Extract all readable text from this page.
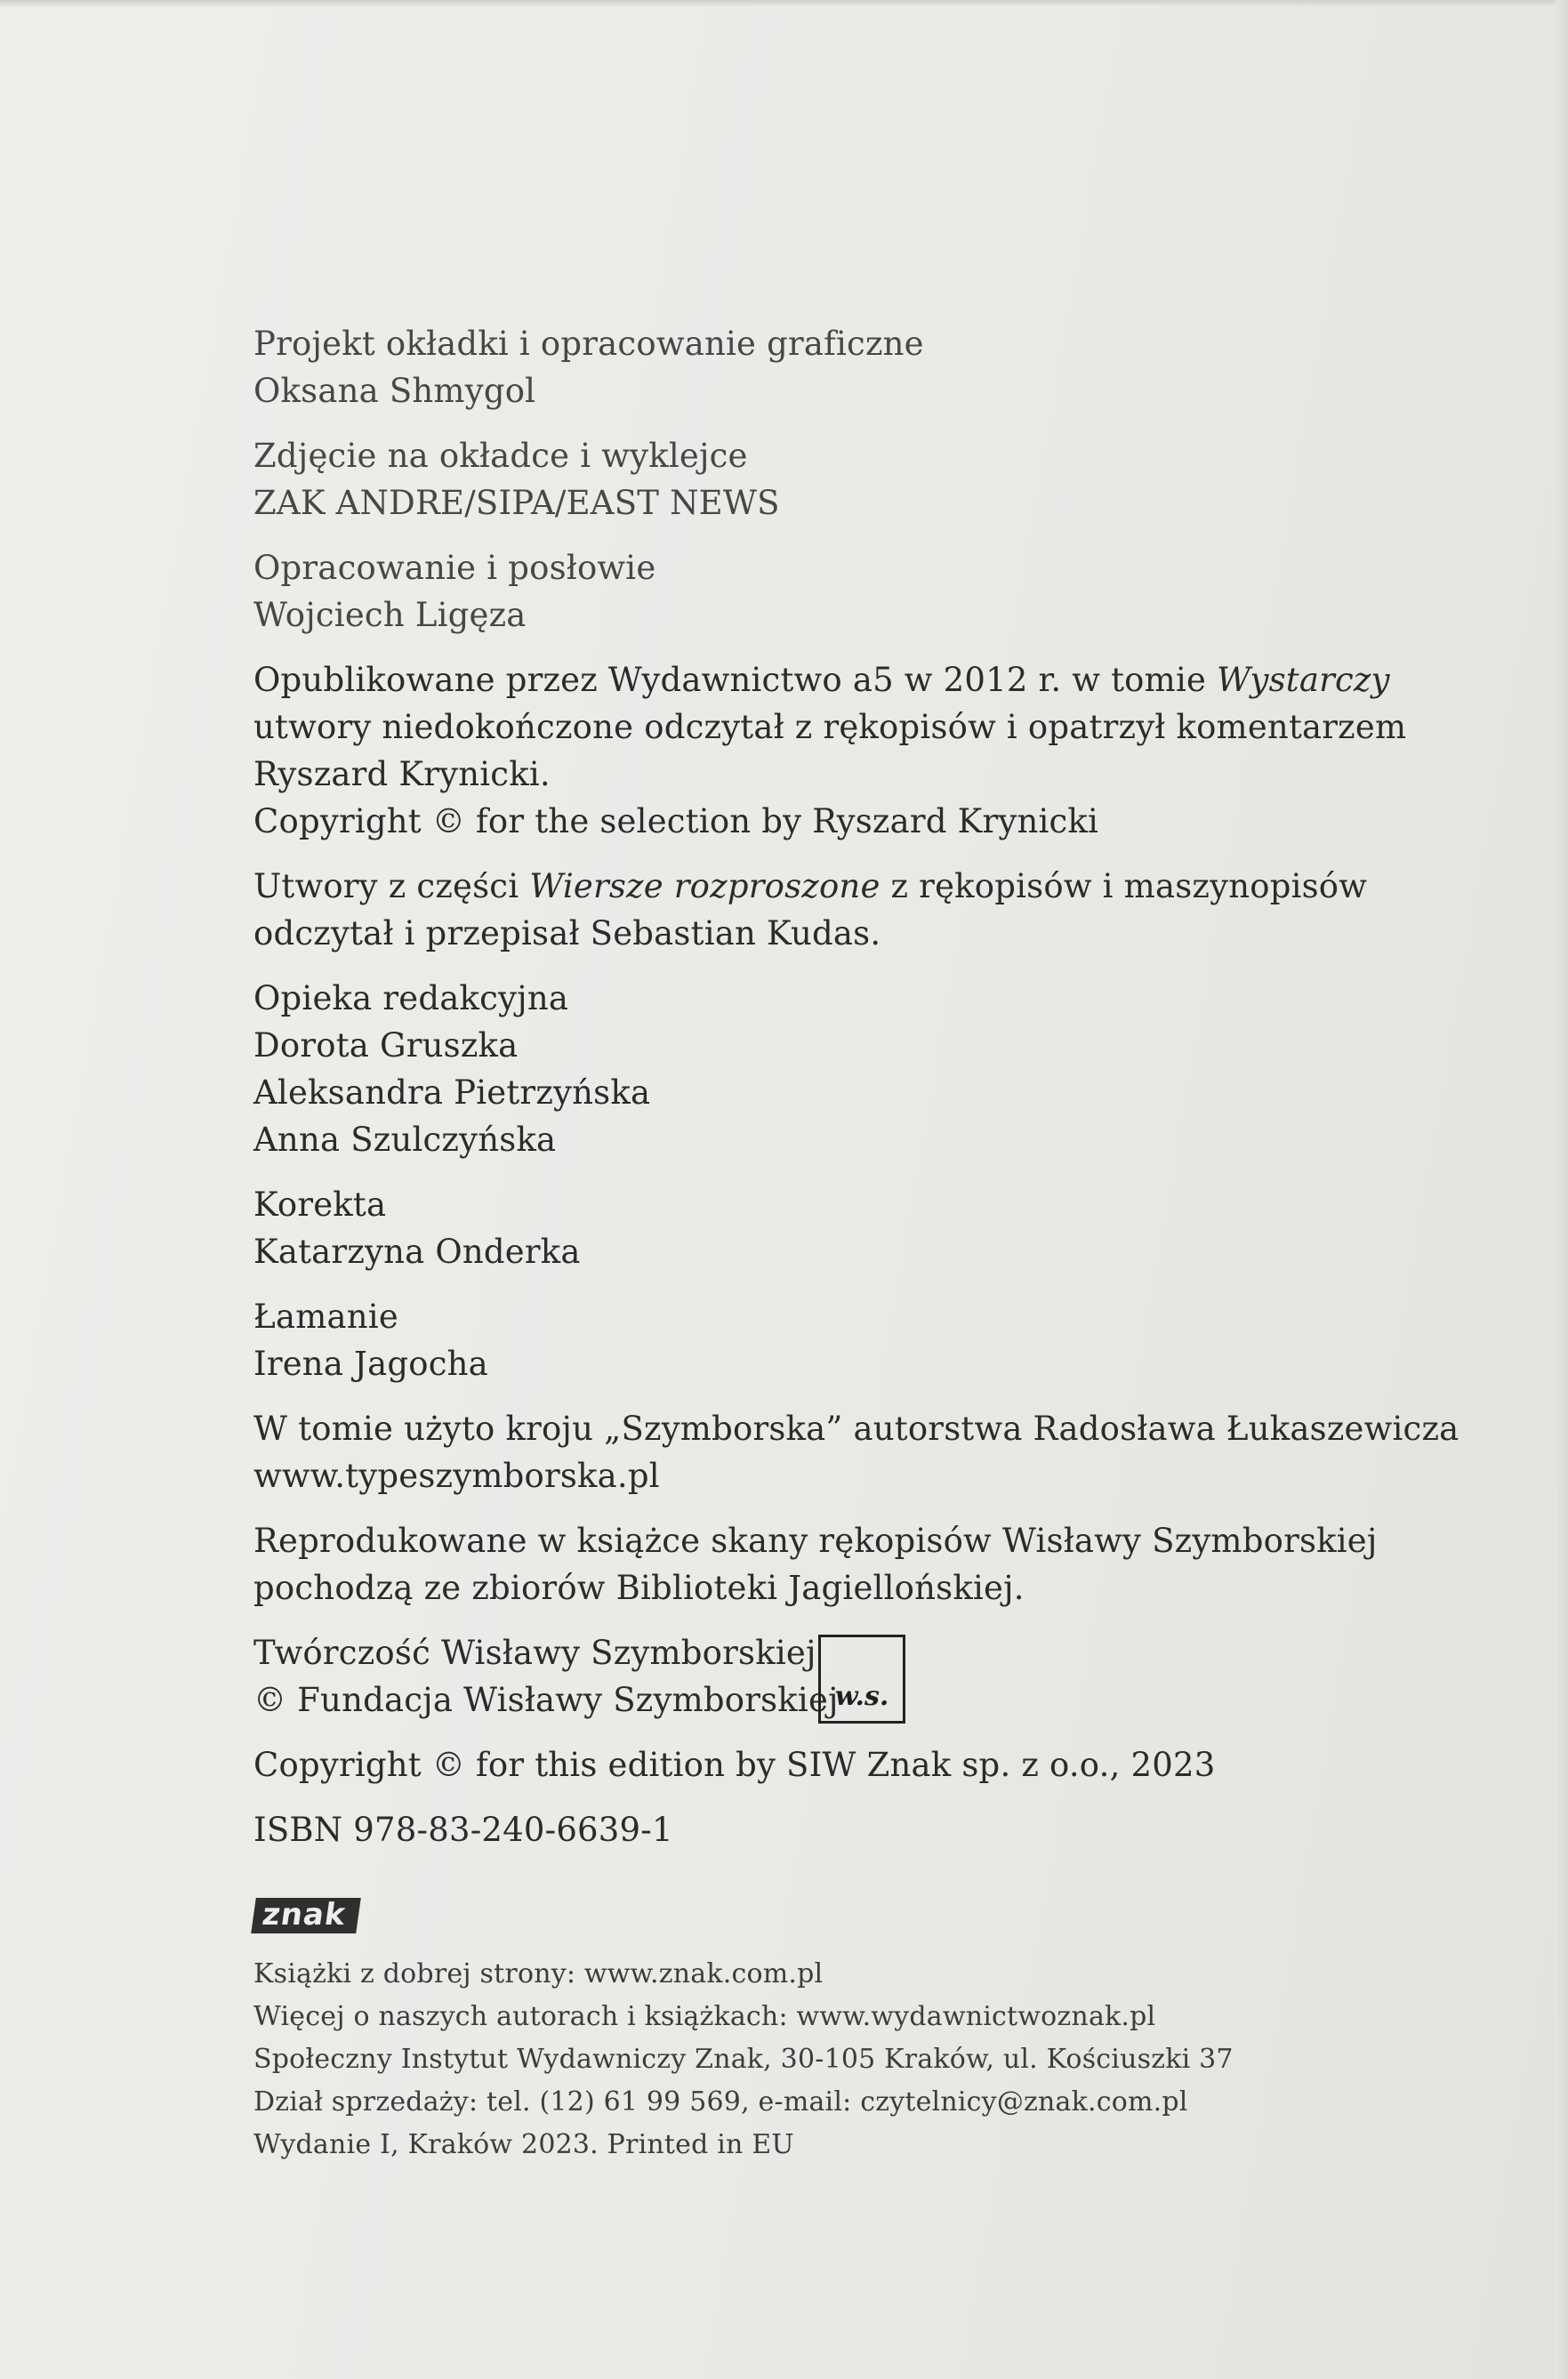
Projekt okładki i opracowanie graficzne
Oksana Shmygol
Zdjęcie na okładce i wyklejce
ZAK ANDRE/SIPA/EAST NEWS
Opracowanie i posłowie
Wojciech Ligęza
Opublikowane przez Wydawnictwo a5 w 2012 r. w tomie Wystarczy
utwory niedokończone odczytał z rękopisów i opatrzył komentarzem
Ryszard Krynicki.
Copyright © for the selection by Ryszard Krynicki
Utwory z części Wiersze rozproszone z rękopisów i maszynopisów
odczytał i przepisał Sebastian Kudas.
Opieka redakcyjna
Dorota Gruszka
Aleksandra Pietrzyńska
Anna Szulczyńska
Korekta
Katarzyna Onderka
Łamanie
Irena Jagocha
W tomie użyto kroju „Szymborska” autorstwa Radosława Łukaszewicza
www.typeszymborska.pl
Reprodukowane w książce skany rękopisów Wisławy Szymborskiej
pochodzą ze zbiorów Biblioteki Jagiellońskiej.
Twórczość Wisławy Szymborskiej
© Fundacja Wisławy Szymborskiej
w.s.
Copyright © for this edition by SIW Znak sp. z o.o., 2023
ISBN 978-83-240-6639-1
znak
Książki z dobrej strony: www.znak.com.pl
Więcej o naszych autorach i książkach: www.wydawnictwoznak.pl
Społeczny Instytut Wydawniczy Znak, 30-105 Kraków, ul. Kościuszki 37
Dział sprzedaży: tel. (12) 61 99 569, e-mail: czytelnicy@znak.com.pl
Wydanie I, Kraków 2023. Printed in EU
